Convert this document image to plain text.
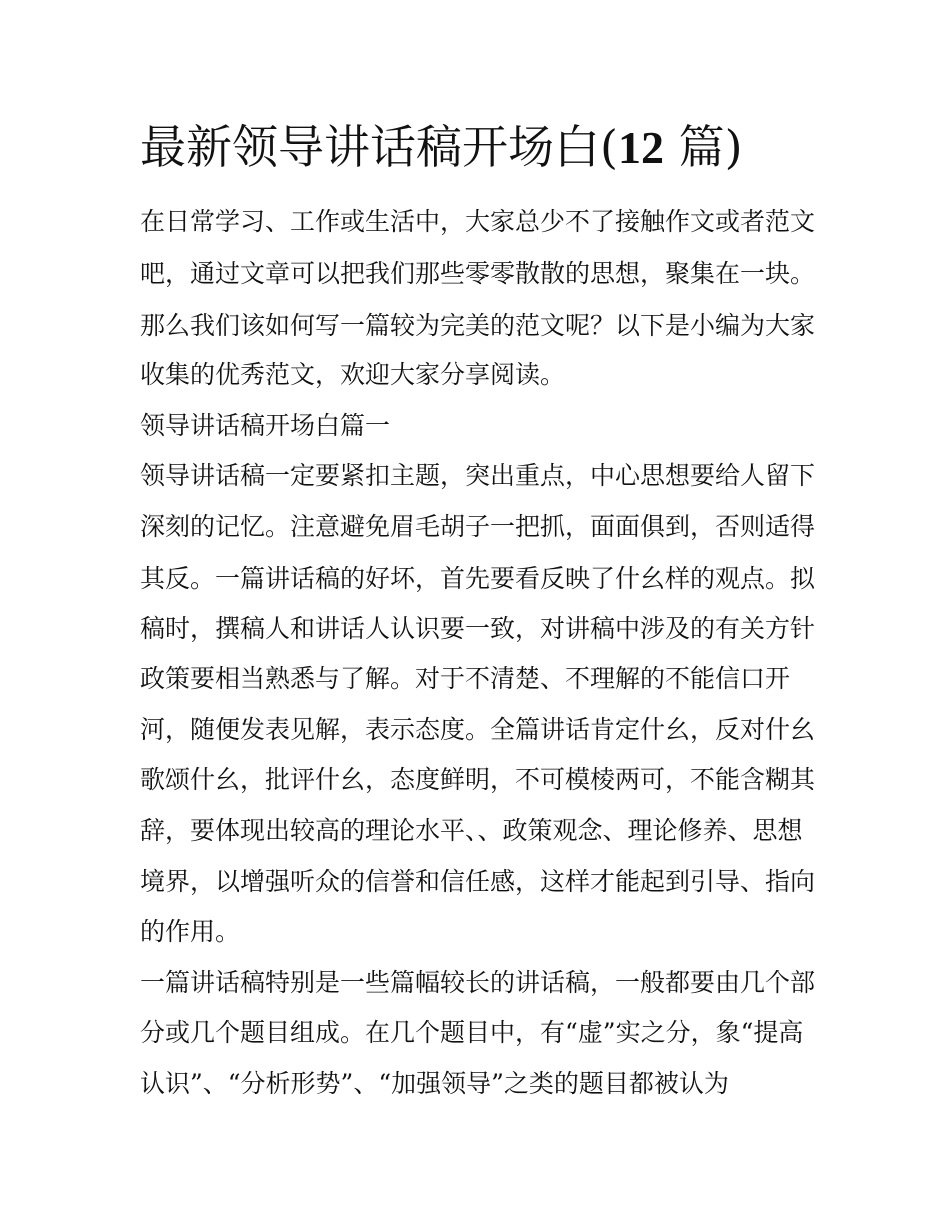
最新领导讲话稿开场白(12 篇)

在日常学习、工作或生活中，大家总少不了接触作文或者范文

吧，通过文章可以把我们那些零零散散的思想，聚集在一块。

那么我们该如何写一篇较为完美的范文呢？以下是小编为大家

收集的优秀范文，欢迎大家分享阅读。

领导讲话稿开场白篇一

领导讲话稿一定要紧扣主题，突出重点，中心思想要给人留下

深刻的记忆。注意避免眉毛胡子一把抓，面面俱到，否则适得

其反。一篇讲话稿的好坏，首先要看反映了什幺样的观点。拟

稿时，撰稿人和讲话人认识要一致，对讲稿中涉及的有关方针

政策要相当熟悉与了解。对于不清楚、不理解的不能信口开

河，随便发表见解，表示态度。全篇讲话肯定什幺，反对什幺

歌颂什幺，批评什幺，态度鲜明，不可模棱两可，不能含糊其

辞，要体现出较高的理论水平、、政策观念、理论修养、思想

境界，以增强听众的信誉和信任感，这样才能起到引导、指向

的作用。

一篇讲话稿特别是一些篇幅较长的讲话稿，一般都要由几个部

分或几个题目组成。在几个题目中，有“虚”实之分，象“提高

认识”、“分析形势”、“加强领导”之类的题目都被认为
